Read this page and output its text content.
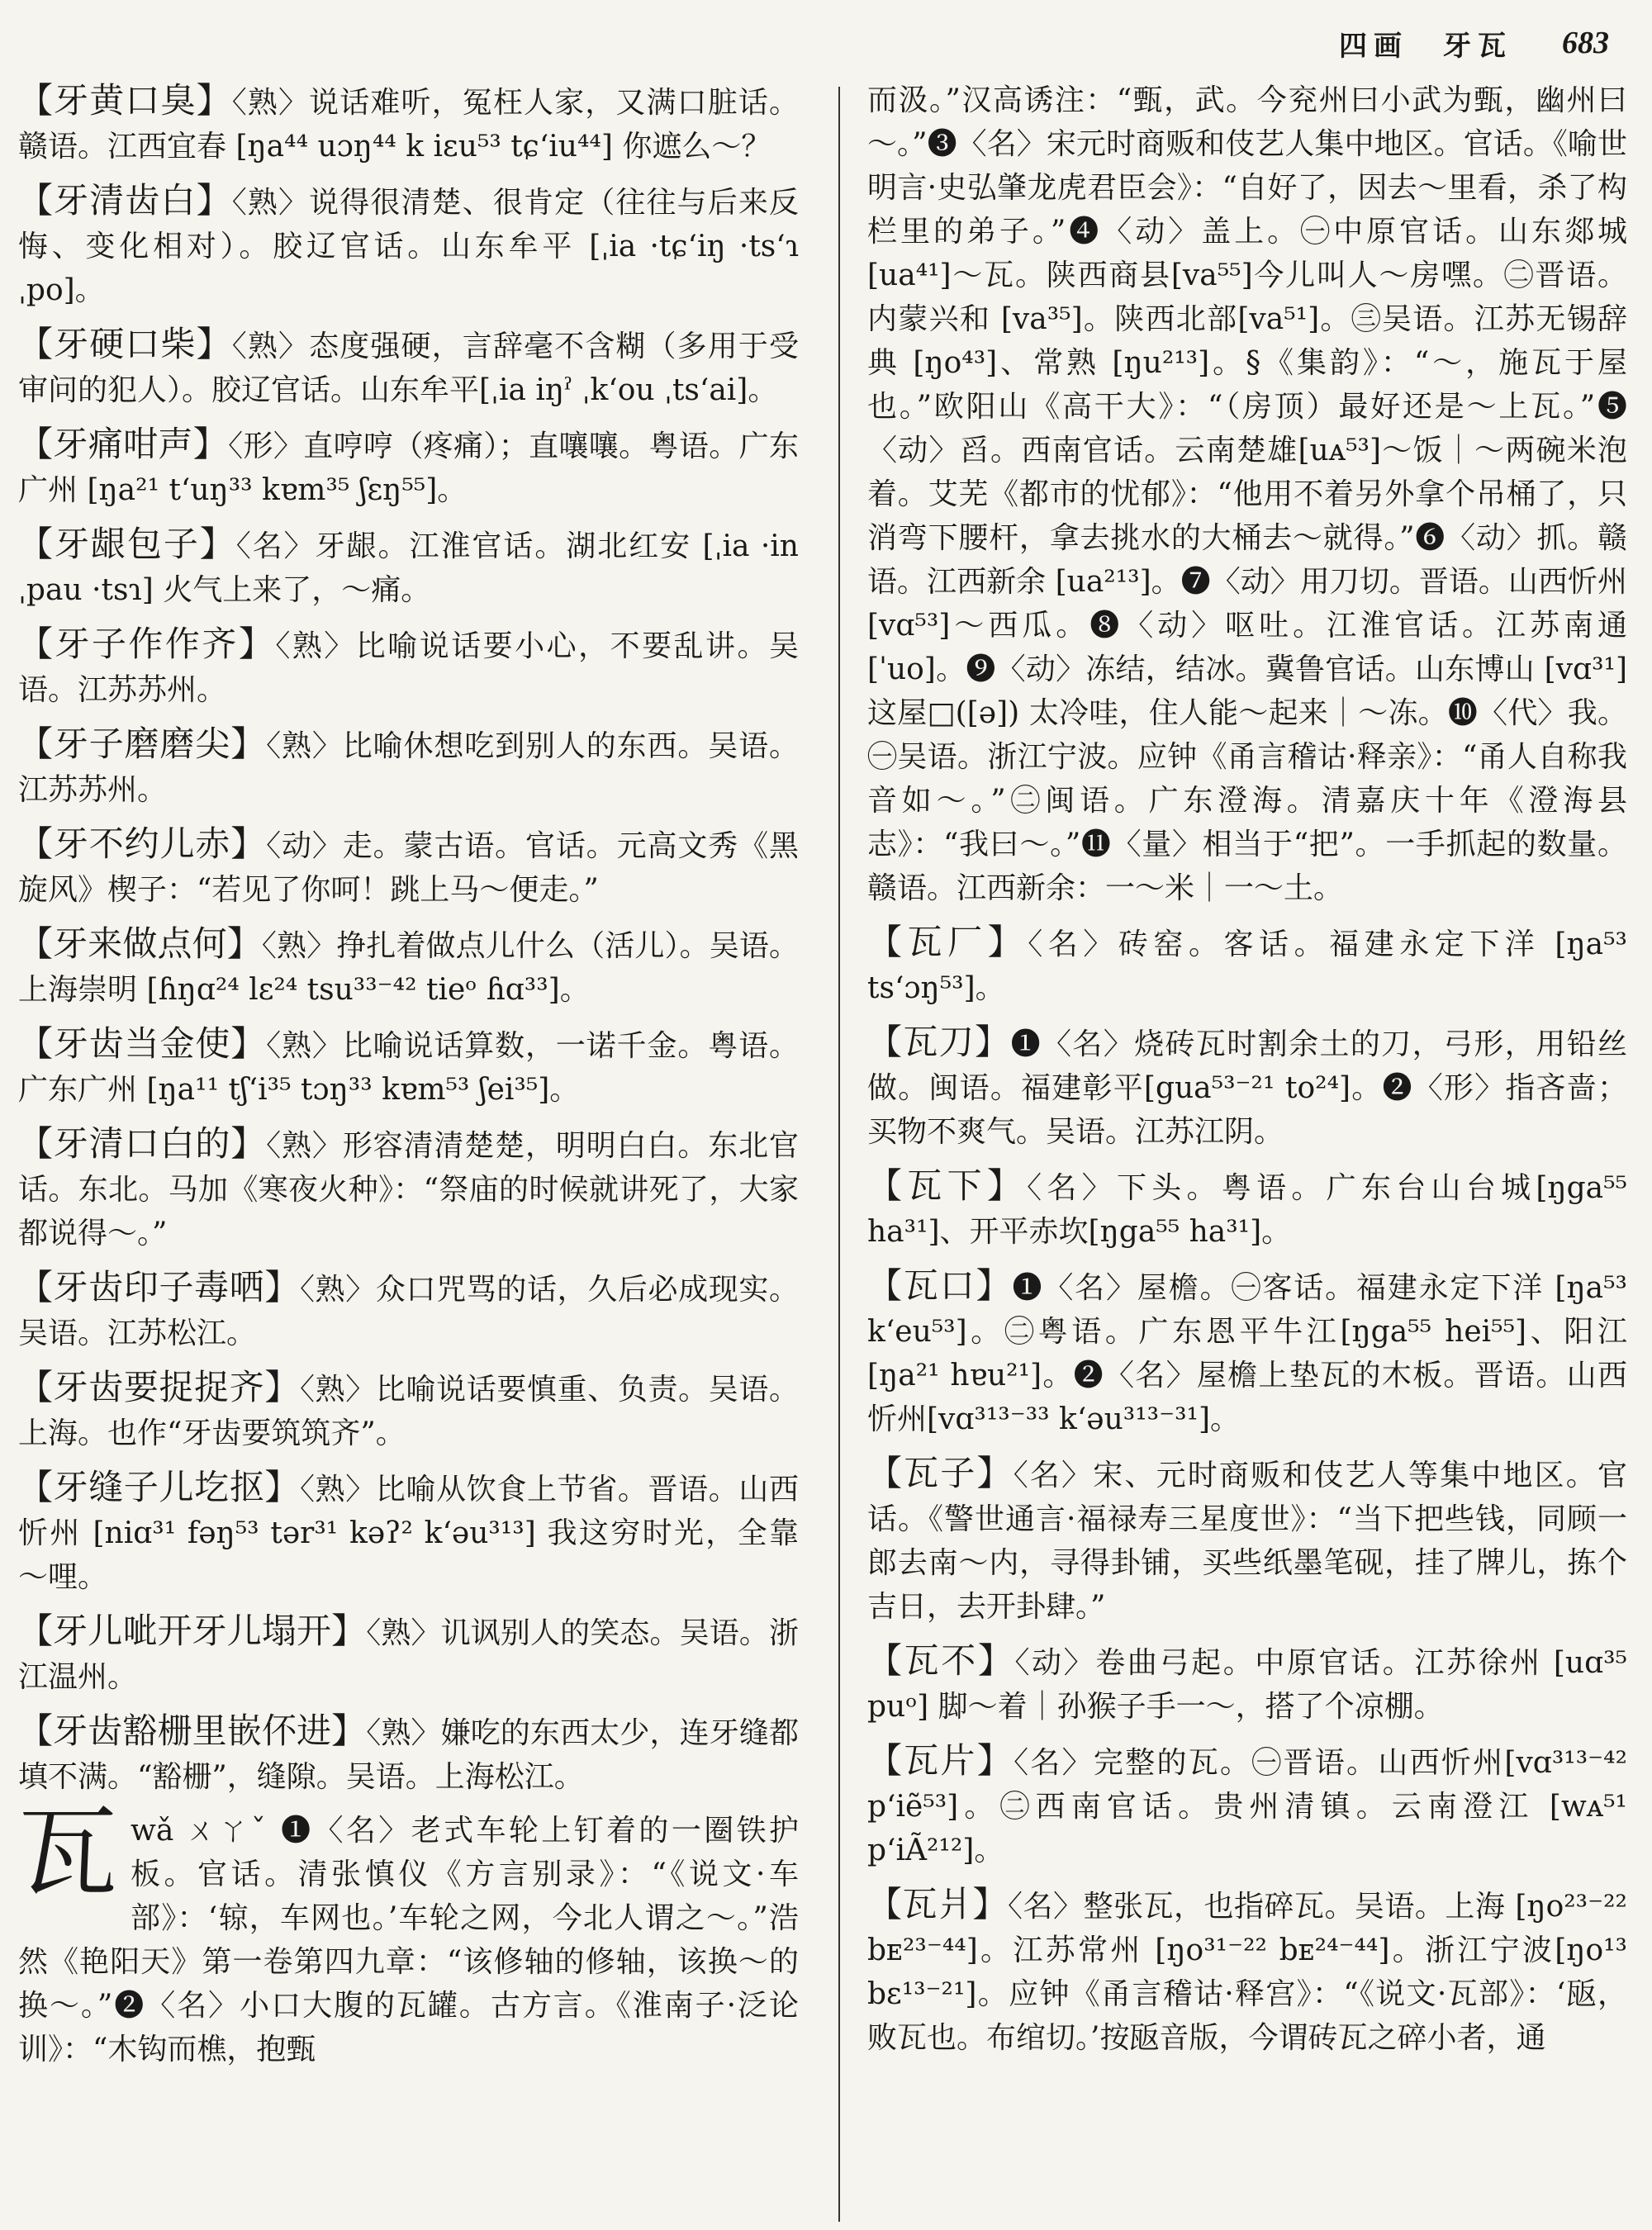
四画　牙瓦 683

【牙黄口臭】〈熟〉说话难听，冤枉人家，又满口脏话。赣语。江西宜春 [ŋa⁴⁴ uɔŋ⁴⁴ k iɛu⁵³ tɕʻiu⁴⁴] 你遮么～？

【牙清齿白】〈熟〉说得很清楚、很肯定（往往与后来反悔、变化相对）。胶辽官话。山东牟平 [ˌia ·tɕʻiŋ ·tsʻɿ ˌpo]。

【牙硬口柴】〈熟〉态度强硬，言辞毫不含糊（多用于受审问的犯人）。胶辽官话。山东牟平[ˌia iŋˀ ˌkʻou ˌtsʻai]。

【牙痛咁声】〈形〉直哼哼（疼痛）；直嚷嚷。粤语。广东广州 [ŋa²¹ tʻuŋ³³ kɐm³⁵ ʃɛŋ⁵⁵]。

【牙龈包子】〈名〉牙龈。江淮官话。湖北红安 [ˌia ·in ˌpau ·tsɿ] 火气上来了，～痛。

【牙子作作齐】〈熟〉比喻说话要小心，不要乱讲。吴语。江苏苏州。

【牙子磨磨尖】〈熟〉比喻休想吃到别人的东西。吴语。江苏苏州。

【牙不约儿赤】〈动〉走。蒙古语。官话。元高文秀《黑旋风》楔子：“若见了你呵！跳上马～便走。”

【牙来做点何】〈熟〉挣扎着做点儿什么（活儿）。吴语。上海崇明 [ɦŋɑ²⁴ lɛ²⁴ tsu³³⁻⁴² tieᵒ ɦɑ³³]。

【牙齿当金使】〈熟〉比喻说话算数，一诺千金。粤语。广东广州 [ŋa¹¹ tʃʻi³⁵ tɔŋ³³ kɐm⁵³ ʃei³⁵]。

【牙清口白的】〈熟〉形容清清楚楚，明明白白。东北官话。东北。马加《寒夜火种》：“祭庙的时候就讲死了，大家都说得～。”

【牙齿印子毒哂】〈熟〉众口咒骂的话，久后必成现实。吴语。江苏松江。

【牙齿要捉捉齐】〈熟〉比喻说话要慎重、负责。吴语。上海。也作“牙齿要筑筑齐”。

【牙缝子儿圪抠】〈熟〉比喻从饮食上节省。晋语。山西忻州 [niɑ³¹ fəŋ⁵³ tər³¹ kəʔ² kʻəu³¹³] 我这穷时光，全靠～哩。

【牙儿呲开牙儿塌开】〈熟〉讥讽别人的笑态。吴语。浙江温州。

【牙齿豁栅里嵌伓进】〈熟〉嫌吃的东西太少，连牙缝都填不满。“豁栅”，缝隙。吴语。上海松江。

瓦wǎ ㄨㄚˇ ❶〈名〉老式车轮上钉着的一圈铁护板。官话。清张慎仪《方言别录》：“《说文·车部》：‘辌，车网也。’车轮之网，今北人谓之～。”浩然《艳阳天》第一卷第四九章：“该修轴的修轴，该换～的换～。”❷〈名〉小口大腹的瓦罐。古方言。《淮南子·泛论训》：“木钩而樵，抱甄

而汲。”汉高诱注：“甄，武。今兖州曰小武为甄，幽州曰～。”❸〈名〉宋元时商贩和伎艺人集中地区。官话。《喻世明言·史弘肇龙虎君臣会》：“自好了，因去～里看，杀了构栏里的弟子。”❹〈动〉盖上。㊀中原官话。山东郯城[ua⁴¹]～瓦。陕西商县[va⁵⁵]今儿叫人～房嘿。㊁晋语。内蒙兴和 [va³⁵]。陕西北部[va⁵¹]。㊂吴语。江苏无锡辞典 [ŋo⁴³]、常熟 [ŋu²¹³]。§《集韵》：“～，施瓦于屋也。”欧阳山《高干大》：“（房顶）最好还是～上瓦。”❺〈动〉舀。西南官话。云南楚雄[uᴀ⁵³]～饭｜～两碗米泡着。艾芜《都市的忧郁》：“他用不着另外拿个吊桶了，只消弯下腰杆，拿去挑水的大桶去～就得。”❻〈动〉抓。赣语。江西新余 [ua²¹³]。❼〈动〉用刀切。晋语。山西忻州 [vɑ⁵³]～西瓜。❽〈动〉呕吐。江淮官话。江苏南通[ˈuo]。❾〈动〉冻结，结冰。冀鲁官话。山东博山 [vɑ³¹] 这屋□([ə]) 太冷哇，住人能～起来｜～冻。❿〈代〉我。㊀吴语。浙江宁波。应钟《甬言稽诂·释亲》：“甬人自称我音如～。”㊁闽语。广东澄海。清嘉庆十年《澄海县志》：“我曰～。”⓫〈量〉相当于“把”。一手抓起的数量。赣语。江西新余：一～米｜一～土。

【瓦厂】〈名〉砖窑。客话。福建永定下洋 [ŋa⁵³ tsʻɔŋ⁵³]。

【瓦刀】❶〈名〉烧砖瓦时割余土的刀，弓形，用铅丝做。闽语。福建彰平[gua⁵³⁻²¹ to²⁴]。❷〈形〉指吝啬；买物不爽气。吴语。江苏江阴。

【瓦下】〈名〉下头。粤语。广东台山台城[ŋga⁵⁵ ha³¹]、开平赤坎[ŋga⁵⁵ ha³¹]。

【瓦口】❶〈名〉屋檐。㊀客话。福建永定下洋 [ŋa⁵³ kʻeu⁵³]。㊁粤语。广东恩平牛江[ŋga⁵⁵ hei⁵⁵]、阳江 [ŋa²¹ hɐu²¹]。❷〈名〉屋檐上垫瓦的木板。晋语。山西忻州[vɑ³¹³⁻³³ kʻəu³¹³⁻³¹]。

【瓦子】〈名〉宋、元时商贩和伎艺人等集中地区。官话。《警世通言·福禄寿三星度世》：“当下把些钱，同顾一郎去南～内，寻得卦铺，买些纸墨笔砚，挂了牌儿，拣个吉日，去开卦肆。”

【瓦不】〈动〉卷曲弓起。中原官话。江苏徐州 [uɑ³⁵ puᵒ] 脚～着｜孙猴子手一～，搭了个凉棚。

【瓦片】〈名〉完整的瓦。㊀晋语。山西忻州[vɑ³¹³⁻⁴² pʻiẽ⁵³]。㊁西南官话。贵州清镇。云南澄江 [wᴀ⁵¹ pʻiÃ²¹²]。

【瓦爿】〈名〉整张瓦，也指碎瓦。吴语。上海 [ŋo²³⁻²² bᴇ²³⁻⁴⁴]。江苏常州 [ŋo³¹⁻²² bᴇ²⁴⁻⁴⁴]。浙江宁波[ŋo¹³ bɛ¹³⁻²¹]。应钟《甬言稽诂·释宫》：“《说文·瓦部》：‘瓪，败瓦也。布绾切。’按瓪音版，今谓砖瓦之碎小者，通
